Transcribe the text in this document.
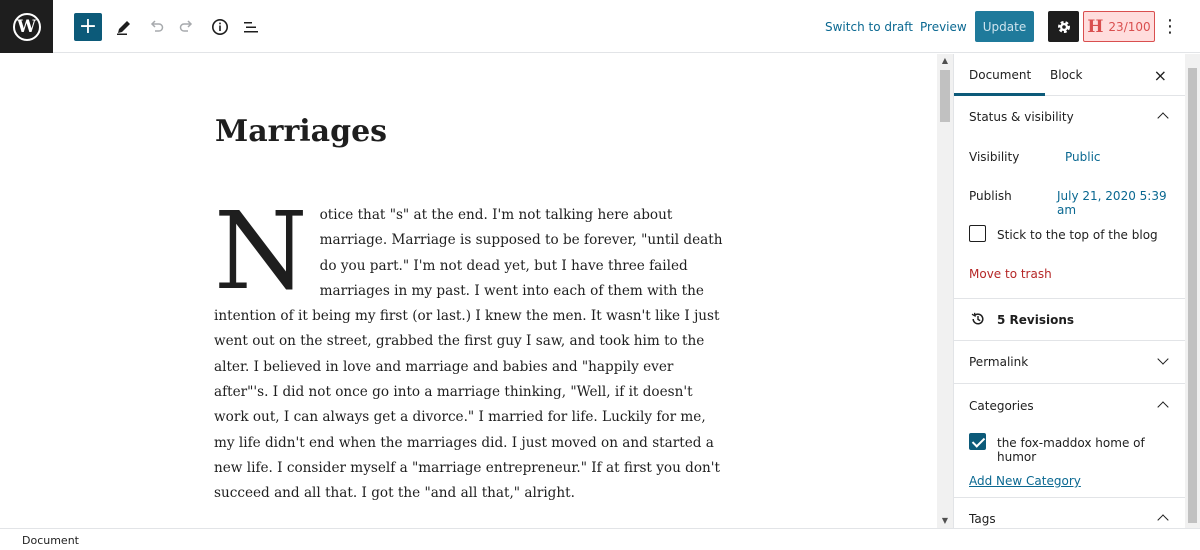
W +	Switch to draft Preview	Update	H 23/100 ⋮
Marriages
Notice that "s" at the end. I'm not talking here about marriage. Marriage is supposed to be forever, "until death do you part." I'm not dead yet, but I have three failed marriages in my past. I went into each of them with the intention of it being my first (or last.) I knew the men. It wasn't like I just went out on the street, grabbed the first guy I saw, and took him to the alter. I believed in love and marriage and babies and "happily ever after"'s. I did not once go into a marriage thinking, "Well, if it doesn't work out, I can always get a divorce." I married for life. Luckily for me, my life didn't end when the marriages did. I just moved on and started a new life. I consider myself a "marriage entrepreneur." If at first you don't succeed and all that. I got the "and all that," alright.
▲
▼
Document Block	×
Status & visibility
Visibility	Public
Publish	July 21, 2020 5:39 am
Stick to the top of the blog
Move to trash
5 Revisions
Permalink
Categories
the fox-maddox home of humor
Add New Category
Tags
Document
